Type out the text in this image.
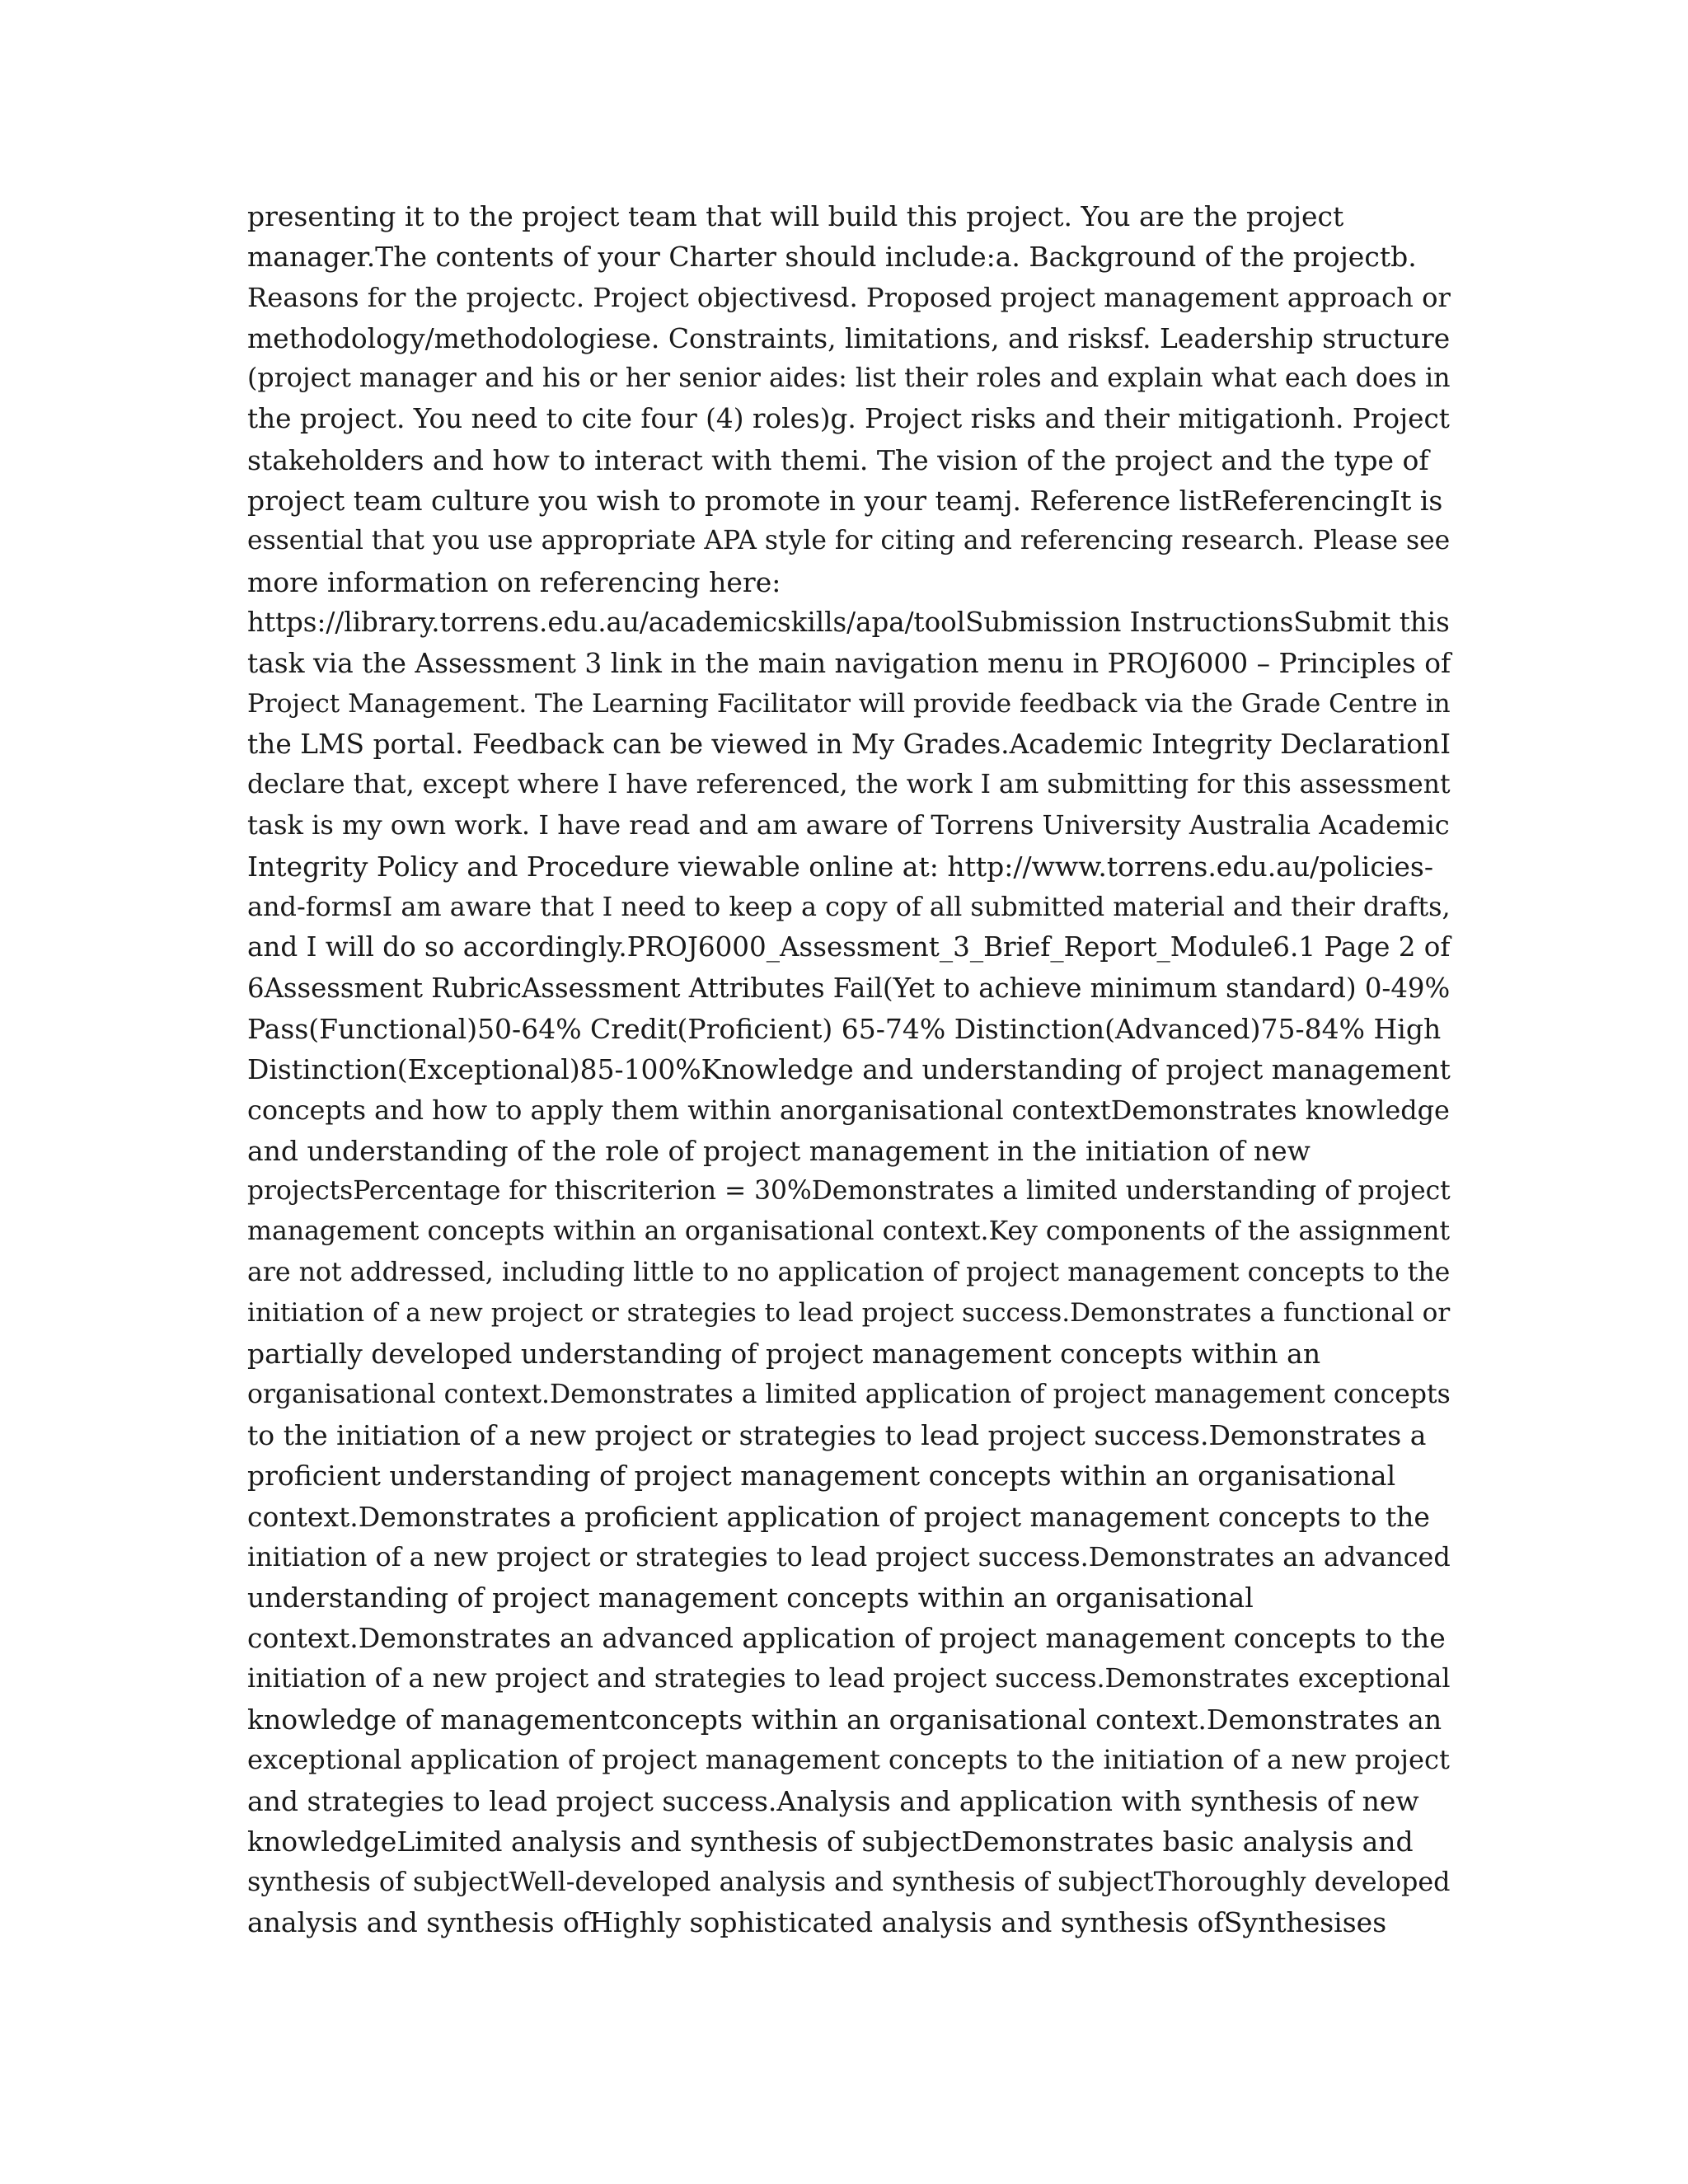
presenting it to the project team that will build this project. You are the project
manager.The contents of your Charter should include:a. Background of the projectb.
Reasons for the projectc. Project objectivesd. Proposed project management approach or
methodology/methodologiese. Constraints, limitations, and risksf. Leadership structure
(project manager and his or her senior aides: list their roles and explain what each does in
the project. You need to cite four (4) roles)g. Project risks and their mitigationh. Project
stakeholders and how to interact with themi. The vision of the project and the type of
project team culture you wish to promote in your teamj. Reference listReferencingIt is
essential that you use appropriate APA style for citing and referencing research. Please see
more information on referencing here:
https://library.torrens.edu.au/academicskills/apa/toolSubmission InstructionsSubmit this
task via the Assessment 3 link in the main navigation menu in PROJ6000 – Principles of
Project Management. The Learning Facilitator will provide feedback via the Grade Centre in
the LMS portal. Feedback can be viewed in My Grades.Academic Integrity DeclarationI
declare that, except where I have referenced, the work I am submitting for this assessment
task is my own work. I have read and am aware of Torrens University Australia Academic
Integrity Policy and Procedure viewable online at: http://www.torrens.edu.au/policies-
and-formsI am aware that I need to keep a copy of all submitted material and their drafts,
and I will do so accordingly.PROJ6000_Assessment_3_Brief_Report_Module6.1 Page 2 of
6Assessment RubricAssessment Attributes Fail(Yet to achieve minimum standard) 0-49%
Pass(Functional)50-64% Credit(Proficient) 65-74% Distinction(Advanced)75-84% High
Distinction(Exceptional)85-100%Knowledge and understanding of project management
concepts and how to apply them within anorganisational contextDemonstrates knowledge
and understanding of the role of project management in the initiation of new
projectsPercentage for thiscriterion = 30%Demonstrates a limited understanding of project
management concepts within an organisational context.Key components of the assignment
are not addressed, including little to no application of project management concepts to the
initiation of a new project or strategies to lead project success.Demonstrates a functional or
partially developed understanding of project management concepts within an
organisational context.Demonstrates a limited application of project management concepts
to the initiation of a new project or strategies to lead project success.Demonstrates a
proficient understanding of project management concepts within an organisational
context.Demonstrates a proficient application of project management concepts to the
initiation of a new project or strategies to lead project success.Demonstrates an advanced
understanding of project management concepts within an organisational
context.Demonstrates an advanced application of project management concepts to the
initiation of a new project and strategies to lead project success.Demonstrates exceptional
knowledge of managementconcepts within an organisational context.Demonstrates an
exceptional application of project management concepts to the initiation of a new project
and strategies to lead project success.Analysis and application with synthesis of new
knowledgeLimited analysis and synthesis of subjectDemonstrates basic analysis and
synthesis of subjectWell-developed analysis and synthesis of subjectThoroughly developed
analysis and synthesis ofHighly sophisticated analysis and synthesis ofSynthesises
